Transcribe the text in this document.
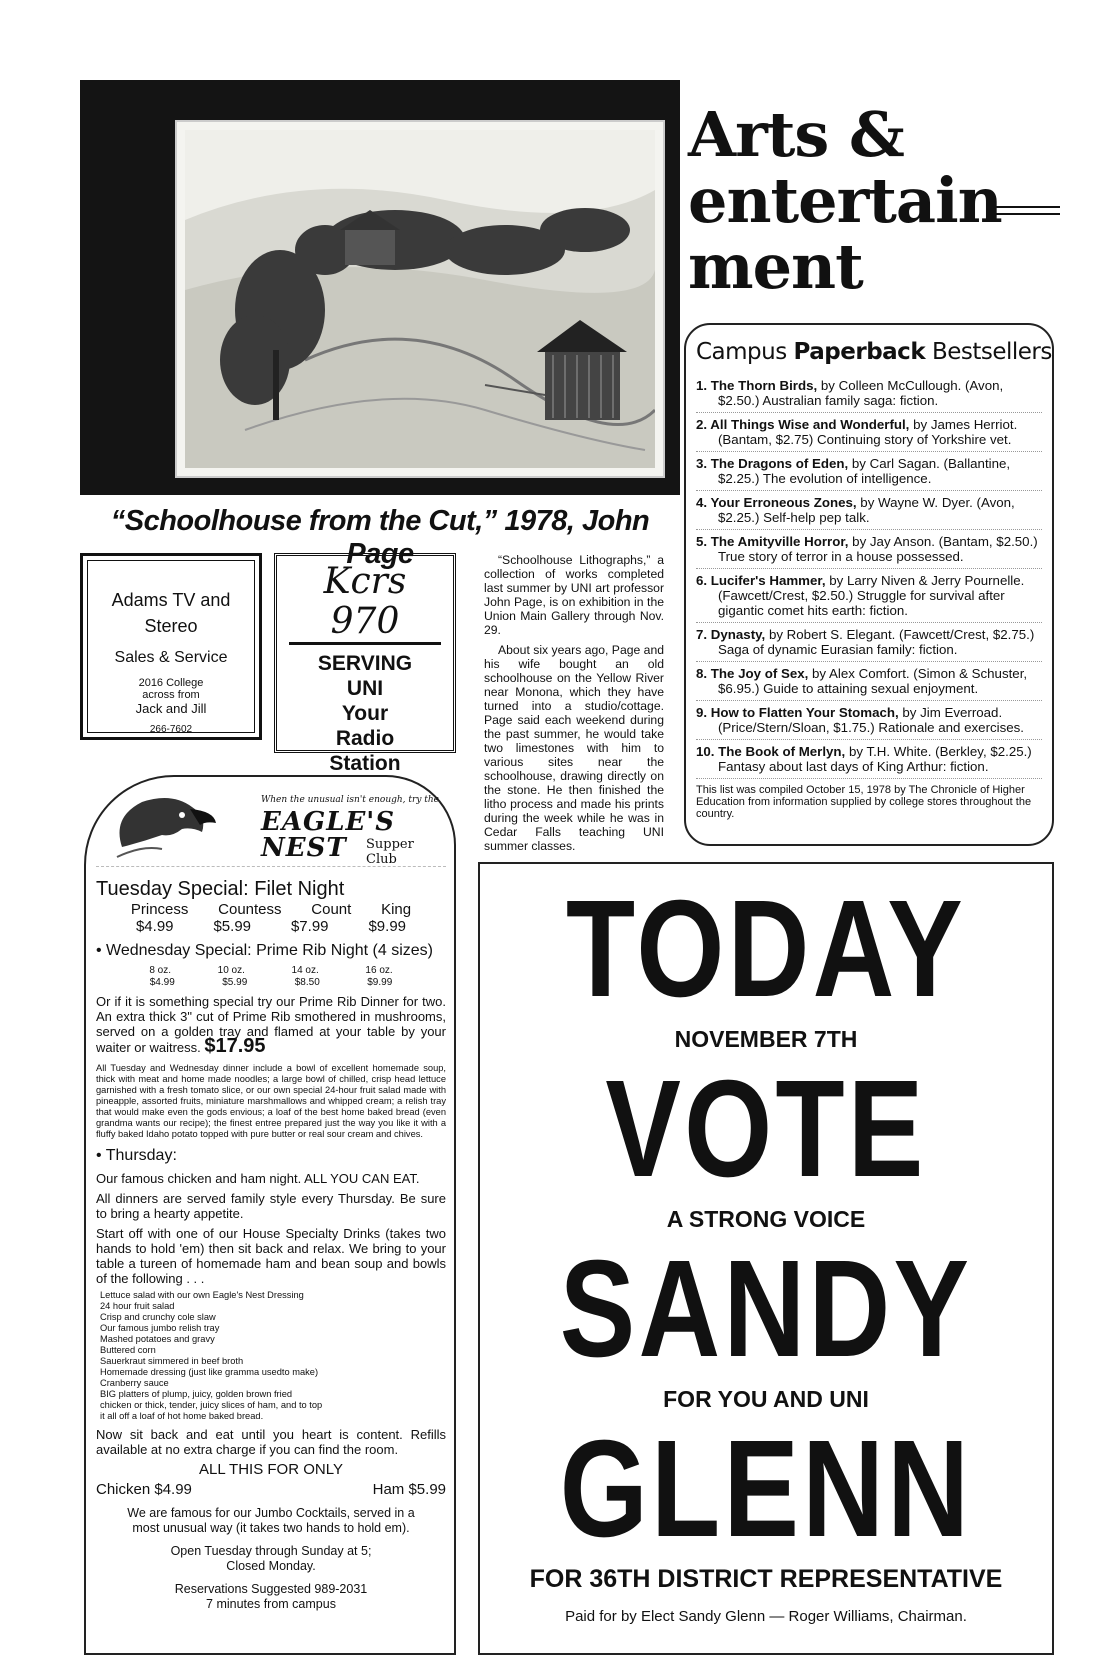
“Schoolhouse from the Cut,” 1978, John Page
Arts &
entertain
ment
Campus Paperback Bestsellers
1. The Thorn Birds, by Colleen McCullough. (Avon, $2.50.) Australian family saga: fiction.
2. All Things Wise and Wonderful, by James Herriot. (Bantam, $2.75) Continuing story of Yorkshire vet.
3. The Dragons of Eden, by Carl Sagan. (Ballantine, $2.25.) The evolution of intelligence.
4. Your Erroneous Zones, by Wayne W. Dyer. (Avon, $2.25.) Self-help pep talk.
5. The Amityville Horror, by Jay Anson. (Bantam, $2.50.) True story of terror in a house possessed.
6. Lucifer's Hammer, by Larry Niven & Jerry Pournelle. (Fawcett/Crest, $2.50.) Struggle for survival after gigantic comet hits earth: fiction.
7. Dynasty, by Robert S. Elegant. (Fawcett/Crest, $2.75.) Saga of dynamic Eurasian family: fiction.
8. The Joy of Sex, by Alex Comfort. (Simon & Schuster, $6.95.) Guide to attaining sexual enjoyment.
9. How to Flatten Your Stomach, by Jim Everroad. (Price/Stern/Sloan, $1.75.) Rationale and exercises.
10. The Book of Merlyn, by T.H. White. (Berkley, $2.25.) Fantasy about last days of King Arthur: fiction.
This list was compiled October 15, 1978 by The Chronicle of Higher Education from information supplied by college stores throughout the country.
Adams TV and
Stereo
Sales & Service
2016 College
across from
Jack and Jill
266-7602
Kcrs 970
SERVING
UNI
Your
Radio
Station

“Schoolhouse Lithographs,” a collection of works completed last summer by UNI art professor John Page, is on exhibition in the Union Main Gallery through Nov. 29.

About six years ago, Page and his wife bought an old schoolhouse on the Yellow River near Monona, which they have turned into a studio/cottage. Page said each weekend during the past summer, he would take two limestones with him to various sites near the schoolhouse, drawing directly on the stone. He then finished the litho process and made his prints during the week while he was in Cedar Falls teaching UNI summer classes.

When the unusual isn't enough, try the
EAGLE'S
NEST	Supper Club
Tuesday Special: Filet Night
Princess Countess Count King
$4.99	$5.99	$7.99	$9.99
• Wednesday Special: Prime Rib Night (4 sizes)
8 oz.	10 oz.	14 oz.	16 oz.
$4.99	$5.99	$8.50	$9.99
Or if it is something special try our Prime Rib Dinner for two. An extra thick 3" cut of Prime Rib smothered in mushrooms, served on a golden tray and flamed at your table by your waiter or waitress. $17.95
All Tuesday and Wednesday dinner include a bowl of excellent homemade soup, thick with meat and home made noodles; a large bowl of chilled, crisp head lettuce garnished with a fresh tomato slice, or our own special 24-hour fruit salad made with pineapple, assorted fruits, miniature marshmallows and whipped cream; a relish tray that would make even the gods envious; a loaf of the best home baked bread (even grandma wants our recipe); the finest entree prepared just the way you like it with a fluffy baked Idaho potato topped with pure butter or real sour cream and chives.
• Thursday:
Our famous chicken and ham night. ALL YOU CAN EAT.
All dinners are served family style every Thursday. Be sure to bring a hearty appetite.
Start off with one of our House Specialty Drinks (takes two hands to hold 'em) then sit back and relax. We bring to your table a tureen of homemade ham and bean soup and bowls of the following . . .
Lettuce salad with our own Eagle's Nest Dressing
24 hour fruit salad
Crisp and crunchy cole slaw
Our famous jumbo relish tray
Mashed potatoes and gravy
Buttered corn
Sauerkraut simmered in beef broth
Homemade dressing (just like gramma usedto make)
Cranberry sauce
BIG platters of plump, juicy, golden brown fried
chicken or thick, tender, juicy slices of ham, and to top
it all off a loaf of hot home baked bread.
Now sit back and eat until you heart is content. Refills available at no extra charge if you can find the room.
ALL THIS FOR ONLY
Chicken $4.99	Ham $5.99
We are famous for our Jumbo Cocktails, served in a most unusual way (it takes two hands to hold em).
Open Tuesday through Sunday at 5;
Closed Monday.
Reservations Suggested 989-2031
7 minutes from campus
TODAY
NOVEMBER 7TH
VOTE
A STRONG VOICE
SANDY
FOR YOU AND UNI
GLENN
FOR 36TH DISTRICT REPRESENTATIVE
Paid for by Elect Sandy Glenn — Roger Williams, Chairman.
